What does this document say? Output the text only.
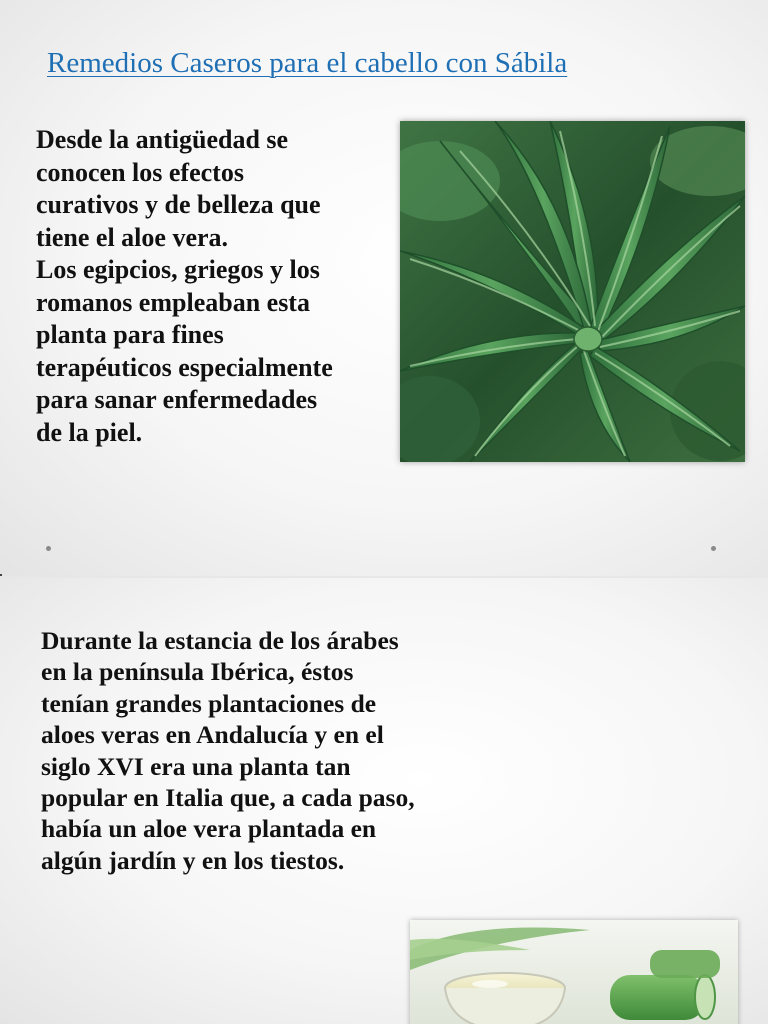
Remedios Caseros para el cabello con Sábila

Desde la antigüedad se
conocen los efectos
curativos y de belleza que
tiene el aloe vera.
Los egipcios, griegos y los
romanos empleaban esta
planta para fines
terapéuticos especialmente
para sanar enfermedades
de la piel.

Durante la estancia de los árabes
en la península Ibérica, éstos
tenían grandes plantaciones de
aloes veras en Andalucía y en el
siglo XVI era una planta tan
popular en Italia que, a cada paso,
había un aloe vera plantada en
algún jardín y en los tiestos.
